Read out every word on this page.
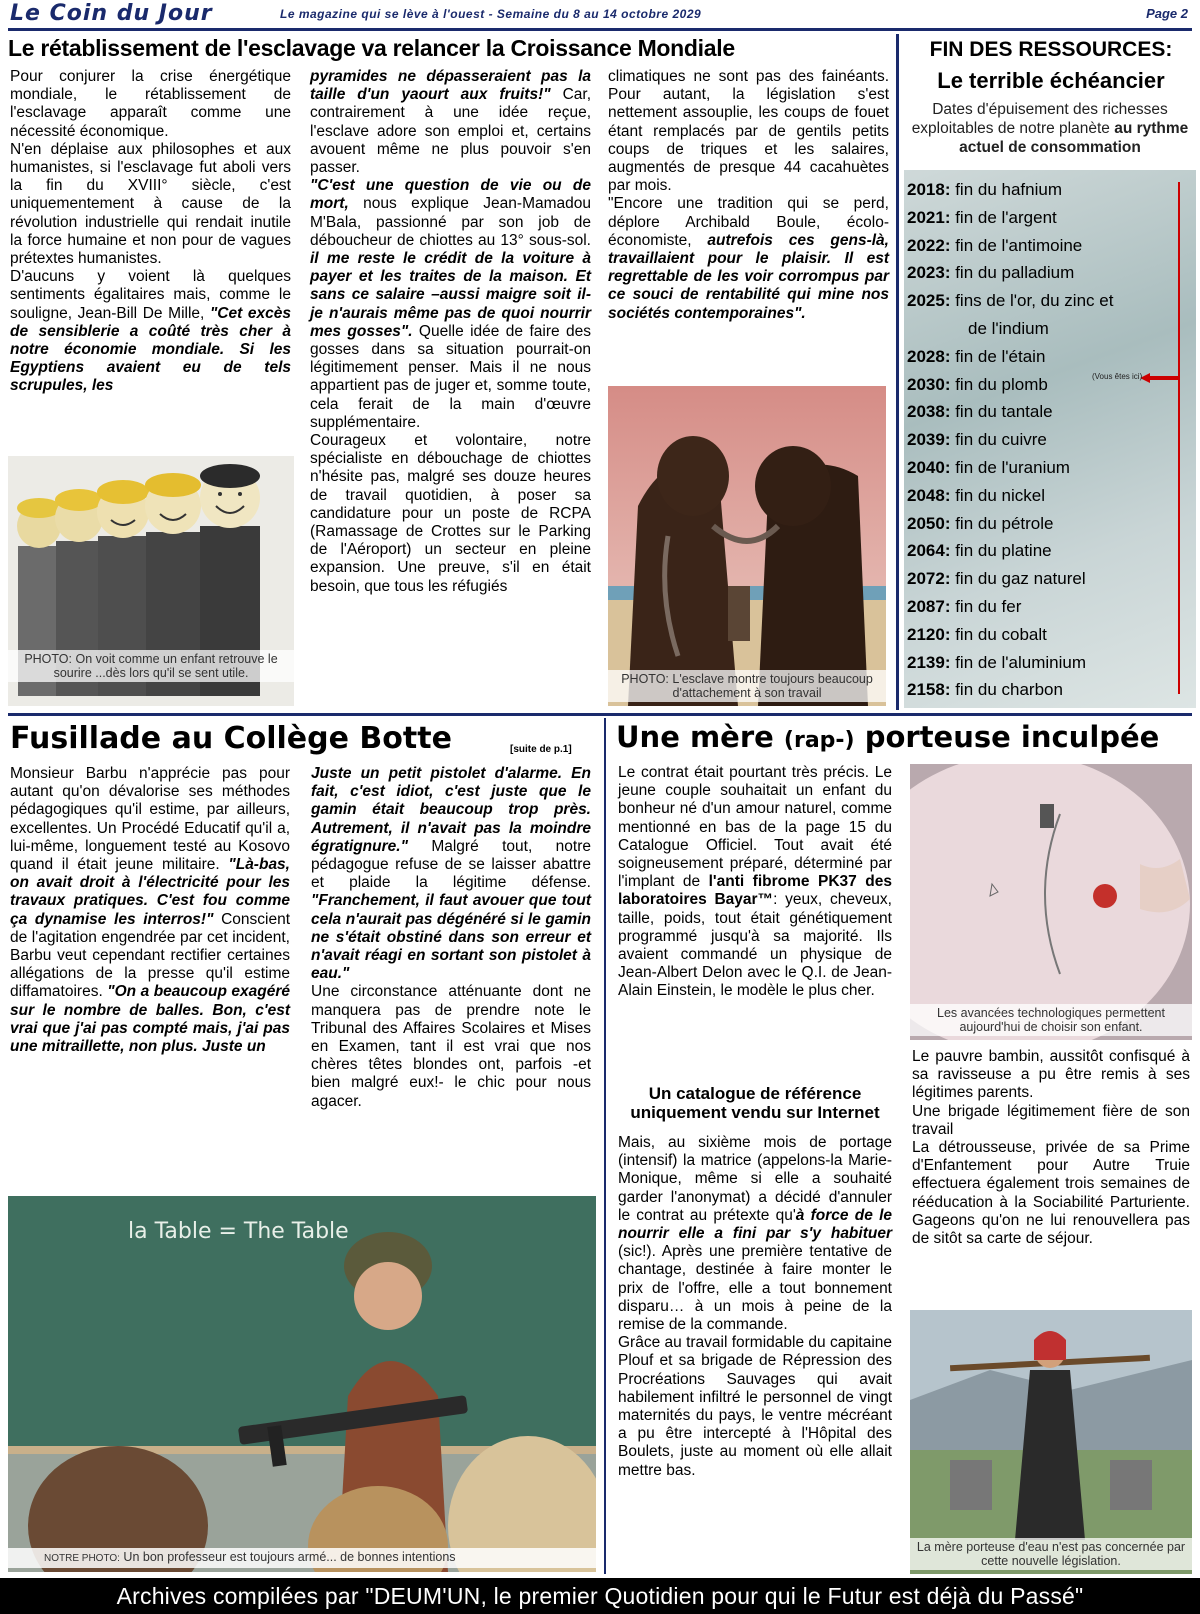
Le Coin du Jour	Le magazine qui se lève à l'ouest - Semaine du 8 au 14 octobre 2029	Page 2
Le rétablissement de l'esclavage va relancer la Croissance Mondiale

Pour conjurer la crise énergétique mondiale, le rétablissement de l'esclavage apparaît comme une nécessité économique.

N'en déplaise aux philosophes et aux humanistes, si l'esclavage fut aboli vers la fin du XVIII° siècle, c'est uniquementement à cause de la révolution industrielle qui rendait inutile la force humaine et non pour de vagues prétextes humanistes.

D'aucuns y voient là quelques sentiments égalitaires mais, comme le souligne, Jean-Bill De Mille, "Cet excès de sensiblerie a coûté très cher à notre économie mondiale. Si les Egyptiens avaient eu de tels scrupules, les

PHOTO: On voit comme un enfant retrouve le sourire ...dès lors qu'il se sent utile.

pyramides ne dépasseraient pas la taille d'un yaourt aux fruits!" Car, contrairement à une idée reçue, l'esclave adore son emploi et, certains avouent même ne plus pouvoir s'en passer.

"C'est une question de vie ou de mort, nous explique Jean-Mamadou M'Bala, passionné par son job de déboucheur de chiottes au 13° sous-sol. il me reste le crédit de la voiture à payer et les traites de la maison. Et sans ce salaire –aussi maigre soit il- je n'aurais même pas de quoi nourrir mes gosses". Quelle idée de faire des gosses dans sa situation pourrait-on légitimement penser. Mais il ne nous appartient pas de juger et, somme toute, cela ferait de la main d'œuvre supplémentaire.

Courageux et volontaire, notre spécialiste en débouchage de chiottes n'hésite pas, malgré ses douze heures de travail quotidien, à poser sa candidature pour un poste de RCPA (Ramassage de Crottes sur le Parking de l'Aéroport) un secteur en pleine expansion. Une preuve, s'il en était besoin, que tous les réfugiés

climatiques ne sont pas des fainéants. Pour autant, la législation s'est nettement assouplie, les coups de fouet étant remplacés par de gentils petits coups de triques et les salaires, augmentés de presque 44 cacahuètes par mois.

"Encore une tradition qui se perd, déplore Archibald Boule, écolo-économiste, autrefois ces gens-là, travaillaient pour le plaisir. Il est regrettable de les voir corrompus par ce souci de rentabilité qui mine nos sociétés contemporaines".

PHOTO: L'esclave montre toujours beaucoup d'attachement à son travail
FIN DES RESSOURCES:
Le terrible échéancier
Dates d'épuisement des richesses exploitables de notre planète au rythme actuel de consommation
(Vous êtes ici)
2018: fin du hafnium
2021: fin de l'argent
2022: fin de l'antimoine
2023: fin du palladium
2025: fins de l'or, du zinc et
de l'indium
2028: fin de l'étain
2030: fin du plomb
2038: fin du tantale
2039: fin du cuivre
2040: fin de l'uranium
2048: fin du nickel
2050: fin du pétrole
2064: fin du platine
2072: fin du gaz naturel
2087: fin du fer
2120: fin du cobalt
2139: fin de l'aluminium
2158: fin du charbon
Fusillade au Collège Botte	[suite de p.1]

Monsieur Barbu n'apprécie pas pour autant qu'on dévalorise ses méthodes pédagogiques qu'il estime, par ailleurs, excellentes. Un Procédé Educatif qu'il a, lui-même, longuement testé au Kosovo quand il était jeune militaire. "Là-bas, on avait droit à l'électricité pour les travaux pratiques. C'est fou comme ça dynamise les interros!" Conscient de l'agitation engendrée par cet incident, Barbu veut cependant rectifier certaines allégations de la presse qu'il estime diffamatoires. "On a beaucoup exagéré sur le nombre de balles. Bon, c'est vrai que j'ai pas compté mais, j'ai pas une mitraillette, non plus. Juste un

Juste un petit pistolet d'alarme. En fait, c'est idiot, c'est juste que le gamin était beaucoup trop près. Autrement, il n'avait pas la moindre égratignure." Malgré tout, notre pédagogue refuse de se laisser abattre et plaide la légitime défense. "Franchement, il faut avouer que tout cela n'aurait pas dégénéré si le gamin ne s'était obstiné dans son erreur et n'avait réagi en sortant son pistolet à eau."

Une circonstance atténuante dont ne manquera pas de prendre note le Tribunal des Affaires Scolaires et Mises en Examen, tant il est vrai que nos chères têtes blondes ont, parfois -et bien malgré eux!- le chic pour nous agacer.

la Table = The Table
NOTRE PHOTO: Un bon professeur est toujours armé... de bonnes intentions
Une mère (rap-) porteuse inculpée

Le contrat était pourtant très précis. Le jeune couple souhaitait un enfant du bonheur né d'un amour naturel, comme mentionné en bas de la page 15 du Catalogue Officiel. Tout avait été soigneusement préparé, déterminé par l'implant de l'anti fibrome PK37 des laboratoires Bayar™: yeux, cheveux, taille, poids, tout était génétiquement programmé jusqu'à sa majorité. Ils avaient commandé un physique de Jean-Albert Delon avec le Q.I. de Jean-Alain Einstein, le modèle le plus cher.

Un catalogue de référence uniquement vendu sur Internet

Mais, au sixième mois de portage (intensif) la matrice (appelons-la Marie-Monique, même si elle a souhaité garder l'anonymat) a décidé d'annuler le contrat au prétexte qu'à force de le nourrir elle a fini par s'y habituer (sic!). Après une première tentative de chantage, destinée à faire monter le prix de l'offre, elle a tout bonnement disparu… à un mois à peine de la remise de la commande.

Grâce au travail formidable du capitaine Plouf et sa brigade de Répression des Procréations Sauvages qui avait habilement infiltré le personnel de vingt maternités du pays, le ventre mécréant a pu être intercepté à l'Hôpital des Boulets, juste au moment où elle allait mettre bas.

Les avancées technologiques permettent aujourd'hui de choisir son enfant.

Le pauvre bambin, aussitôt confisqué à sa ravisseuse a pu être remis à ses légitimes parents.

Une brigade légitimement fière de son travail

La détrousseuse, privée de sa Prime d'Enfantement pour Autre Truie effectuera également trois semaines de rééducation à la Sociabilité Parturiente. Gageons qu'on ne lui renouvellera pas de sitôt sa carte de séjour.

La mère porteuse d'eau n'est pas concernée par cette nouvelle législation.
Archives compilées par "DEUM'UN, le premier Quotidien pour qui le Futur est déjà du Passé"
